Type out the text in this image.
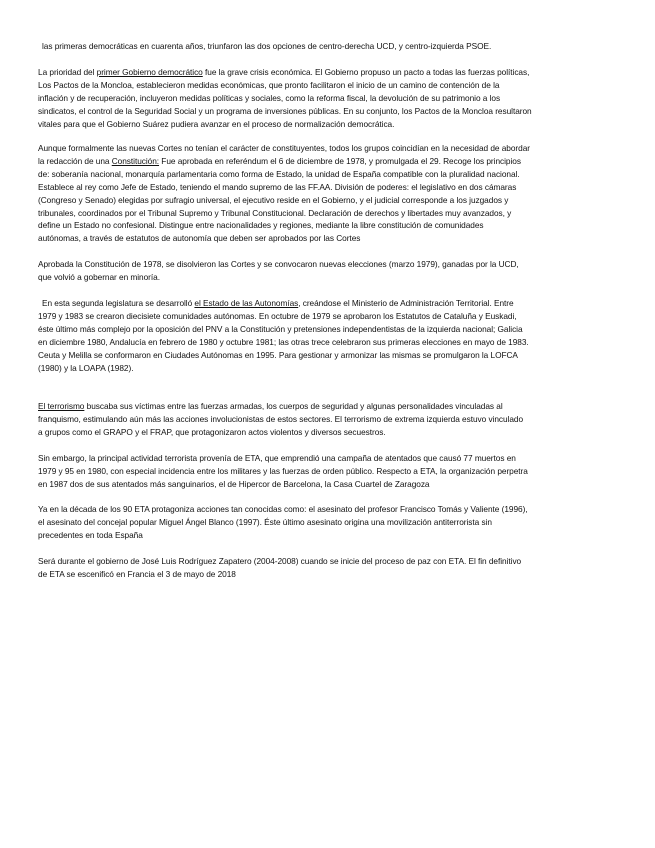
las primeras democráticas en cuarenta años, triunfaron las dos opciones de centro-derecha UCD, y centro-izquierda PSOE.
La prioridad del primer Gobierno democrático fue la grave crisis económica. El Gobierno propuso un pacto a todas las fuerzas políticas,
Los Pactos de la Moncloa, establecieron medidas económicas, que pronto facilitaron el inicio de un camino de contención de la
inflación y de recuperación, incluyeron medidas políticas y sociales, como la reforma fiscal, la devolución de su patrimonio a los
sindicatos, el control de la Seguridad Social y un programa de inversiones públicas. En su conjunto, los Pactos de la Moncloa resultaron
vitales para que el Gobierno Suárez pudiera avanzar en el proceso de normalización democrática.
Aunque formalmente las nuevas Cortes no tenían el carácter de constituyentes, todos los grupos coincidían en la necesidad de abordar
la redacción de una Constitución: Fue aprobada en referéndum el 6 de diciembre de 1978, y promulgada el 29. Recoge los principios
de: soberanía nacional, monarquía parlamentaria como forma de Estado, la unidad de España compatible con la pluralidad nacional.
Establece al rey como Jefe de Estado, teniendo el mando supremo de las FF.AA. División de poderes: el legislativo en dos cámaras
(Congreso y Senado) elegidas por sufragio universal, el ejecutivo reside en el Gobierno, y el judicial corresponde a los juzgados y
tribunales, coordinados por el Tribunal Supremo y Tribunal Constitucional. Declaración de derechos y libertades muy avanzados, y
define un Estado no confesional. Distingue entre nacionalidades y regiones, mediante la libre constitución de comunidades
autónomas, a través de estatutos de autonomía que deben ser aprobados por las Cortes
Aprobada la Constitución de 1978, se disolvieron las Cortes y se convocaron nuevas elecciones (marzo 1979), ganadas por la UCD,
que volvió a gobernar en minoría.
En esta segunda legislatura se desarrolló el Estado de las Autonomías, creándose el Ministerio de Administración Territorial. Entre
1979 y 1983 se crearon diecisiete comunidades autónomas. En octubre de 1979 se aprobaron los Estatutos de Cataluña y Euskadi,
éste último más complejo por la oposición del PNV a la Constitución y pretensiones independentistas de la izquierda nacional; Galicia
en diciembre 1980, Andalucía en febrero de 1980 y octubre 1981; las otras trece celebraron sus primeras elecciones en mayo de 1983.
Ceuta y Melilla se conformaron en Ciudades Autónomas en 1995. Para gestionar y armonizar las mismas se promulgaron la LOFCA
(1980) y la LOAPA (1982).
El terrorismo buscaba sus víctimas entre las fuerzas armadas, los cuerpos de seguridad y algunas personalidades vinculadas al
franquismo, estimulando aún más las acciones involucionistas de estos sectores. El terrorismo de extrema izquierda estuvo vinculado
a grupos como el GRAPO y el FRAP, que protagonizaron actos violentos y diversos secuestros.
Sin embargo, la principal actividad terrorista provenía de ETA, que emprendió una campaña de atentados que causó 77 muertos en
1979 y 95 en 1980, con especial incidencia entre los militares y las fuerzas de orden público. Respecto a ETA, la organización perpetra
en 1987 dos de sus atentados más sanguinarios, el de Hipercor de Barcelona, la Casa Cuartel de Zaragoza
Ya en la década de los 90 ETA protagoniza acciones tan conocidas como: el asesinato del profesor Francisco Tomás y Valiente (1996),
el asesinato del concejal popular Miguel Ángel Blanco (1997). Éste último asesinato origina una movilización antiterrorista sin
precedentes en toda España
Será durante el gobierno de José Luis Rodríguez Zapatero (2004-2008) cuando se inicie del proceso de paz con ETA. El fin definitivo
de ETA se escenificó en Francia el 3 de mayo de 2018
